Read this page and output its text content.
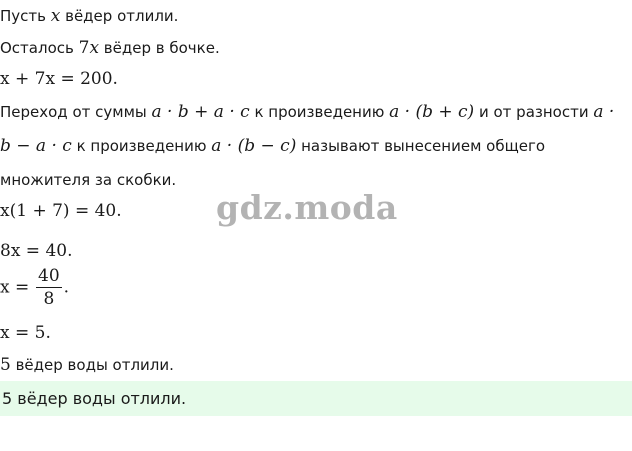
Пусть x вёдер отлили.
Осталось 7x вёдер в бочке.
x + 7x = 200.
Переход от суммы a · b + a · c к произведению a · (b + c) и от разности a ·
b − a · c к произведению a · (b − c) называют вынесением общего
множителя за скобки.
x(1 + 7) = 40.
8x = 40.
$x = \frac{40}{8}$ .
x = 5.
5 вёдер воды отлили.
gdz.moda
5 вёдер воды отлили.
